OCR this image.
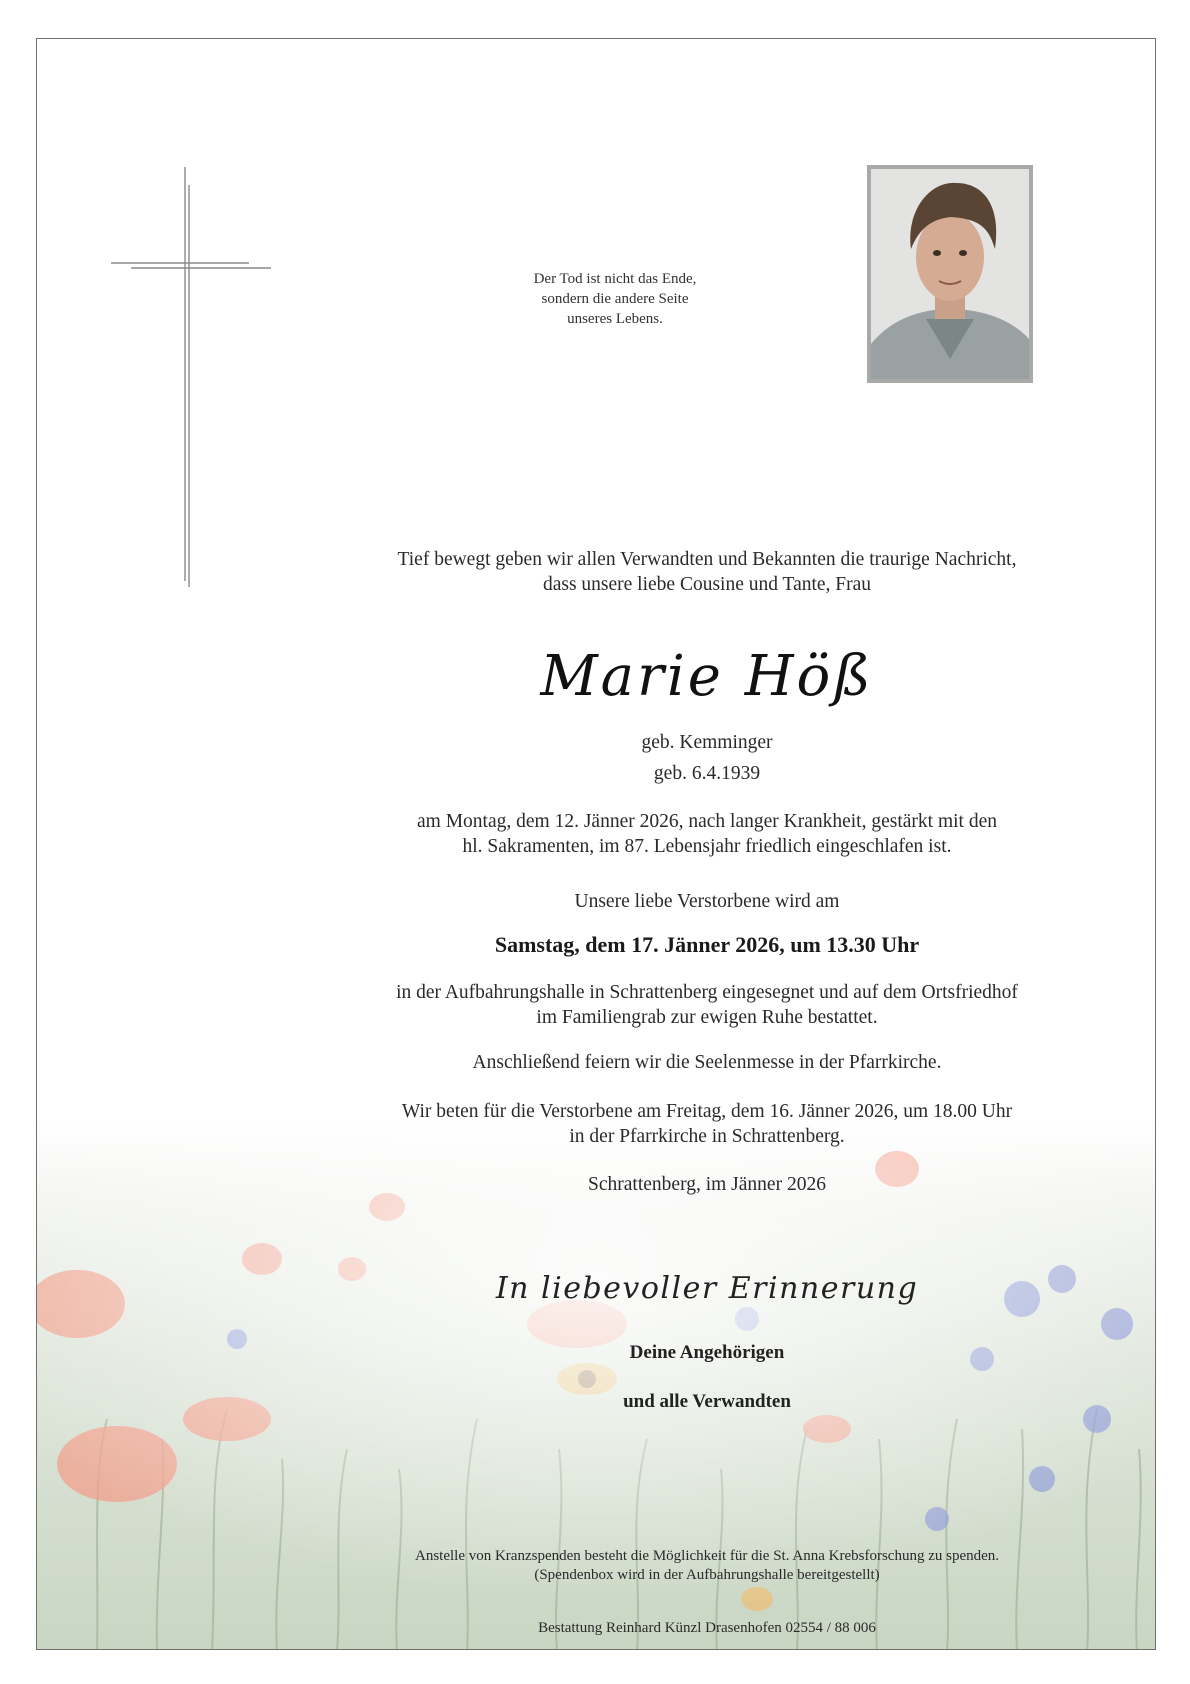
Der Tod ist nicht das Ende,
sondern die andere Seite
unseres Lebens.
Tief bewegt geben wir allen Verwandten und Bekannten die traurige Nachricht,
dass unsere liebe Cousine und Tante, Frau
Marie Höß
geb. Kemminger
geb. 6.4.1939
am Montag, dem 12. Jänner 2026, nach langer Krankheit, gestärkt mit den
hl. Sakramenten, im 87. Lebensjahr friedlich eingeschlafen ist.
Unsere liebe Verstorbene wird am
Samstag, dem 17. Jänner 2026, um 13.30 Uhr
in der Aufbahrungshalle in Schrattenberg eingesegnet und auf dem Ortsfriedhof
im Familiengrab zur ewigen Ruhe bestattet.
Anschließend feiern wir die Seelenmesse in der Pfarrkirche.
Wir beten für die Verstorbene am Freitag, dem 16. Jänner 2026, um 18.00 Uhr
in der Pfarrkirche in Schrattenberg.
Schrattenberg, im Jänner 2026
In liebevoller Erinnerung
Deine Angehörigen
und alle Verwandten
Anstelle von Kranzspenden besteht die Möglichkeit für die St. Anna Krebsforschung zu spenden.
(Spendenbox wird in der Aufbahrungshalle bereitgestellt)
Bestattung Reinhard Künzl Drasenhofen 02554 / 88 006
